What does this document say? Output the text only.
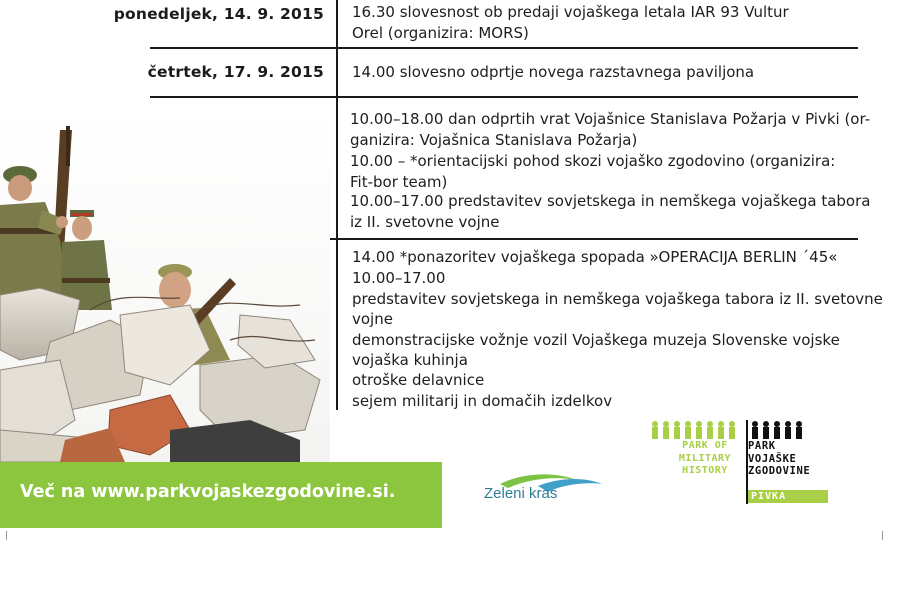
ponedeljek, 14. 9. 2015 16.30 slovesnost ob predaji vojaškega letala IAR 93 Vultur
Orel (organizira: MORS)
četrtek, 17. 9. 2015 14.00 slovesno odprtje novega razstavnega paviljona
10.00–18.00 dan odprtih vrat Vojašnice Stanislava Požarja v Pivki (or-
ganizira: Vojašnica Stanislava Požarja)
10.00 – *orientacijski pohod skozi vojaško zgodovino (organizira:
Fit-bor team)
10.00–17.00 predstavitev sovjetskega in nemškega vojaškega tabora
iz II. svetovne vojne
14.00 *ponazoritev vojaškega spopada »OPERACIJA BERLIN ´45«
10.00–17.00
predstavitev sovjetskega in nemškega vojaškega tabora iz II. svetovne
vojne
demonstracijske vožnje vozil Vojaškega muzeja Slovenske vojske
vojaška kuhinja
otroške delavnice
sejem militarij in domačih izdelkov
Več na www.parkvojaskezgodovine.si.	Zeleni kras
PARK OF
MILITARY
HISTORY
PARK
VOJAŠKE
ZGODOVINE
PIVKA
